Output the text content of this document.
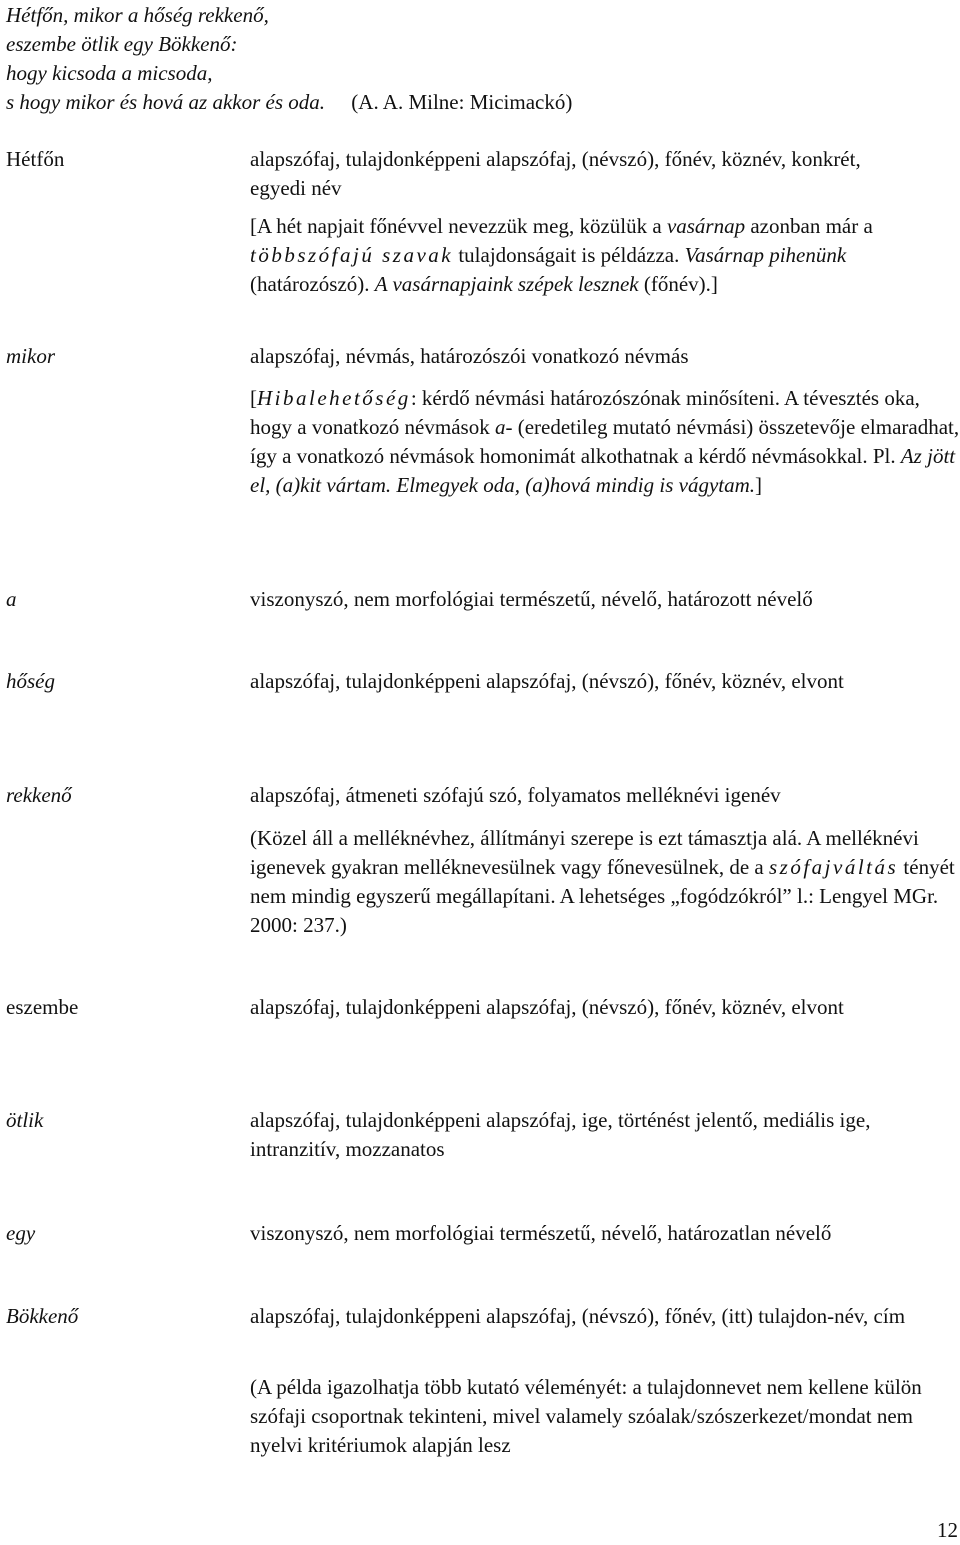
Hétfőn, mikor a hőség rekkenő,
eszembe ötlik egy Bökkenő:
hogy kicsoda a micsoda,
s hogy mikor és hová az akkor és oda. (A. A. Milne: Micimackó)
Hétfőn	alapszófaj, tulajdonképpeni alapszófaj, (névszó), főnév, köznév, konkrét, egyedi név
[A hét napjait főnévvel nevezzük meg, közülük a vasárnap azonban már a többszófajú szavak tulajdonságait is példázza. Vasárnap pihenünk (határozószó). A vasárnapjaink szépek lesznek (főnév).]
mikor	alapszófaj, névmás, határozószói vonatkozó névmás
[Hibalehetőség: kérdő névmási határozószónak minősíteni. A tévesztés oka, hogy a vonatkozó névmások a- (eredetileg mutató névmási) összetevője elmaradhat, így a vonatkozó névmások homonimát alkothatnak a kérdő névmásokkal. Pl. Az jött el, (a)kit vártam. Elmegyek oda, (a)hová mindig is vágytam.]
a	viszonyszó, nem morfológiai természetű, névelő, határozott névelő
hőség	alapszófaj, tulajdonképpeni alapszófaj, (névszó), főnév, köznév, elvont
rekkenő	alapszófaj, átmeneti szófajú szó, folyamatos melléknévi igenév
(Közel áll a melléknévhez, állítmányi szerepe is ezt támasztja alá. A melléknévi igenevek gyakran melléknevesülnek vagy főnevesülnek, de a szófajváltás tényét nem mindig egyszerű megállapítani. A lehetséges „fogódzókról” l.: Lengyel MGr. 2000: 237.)
eszembe	alapszófaj, tulajdonképpeni alapszófaj, (névszó), főnév, köznév, elvont
ötlik	alapszófaj, tulajdonképpeni alapszófaj, ige, történést jelentő, mediális ige, intranzitív, mozzanatos
egy	viszonyszó, nem morfológiai természetű, névelő, határozatlan névelő
Bökkenő	alapszófaj, tulajdonképpeni alapszófaj, (névszó), főnév, (itt) tulajdon-név, cím
(A példa igazolhatja több kutató véleményét: a tulajdonnevet nem kellene külön szófaji csoportnak tekinteni, mivel valamely szóalak/szószerkezet/mondat nem nyelvi kritériumok alapján lesz
12
